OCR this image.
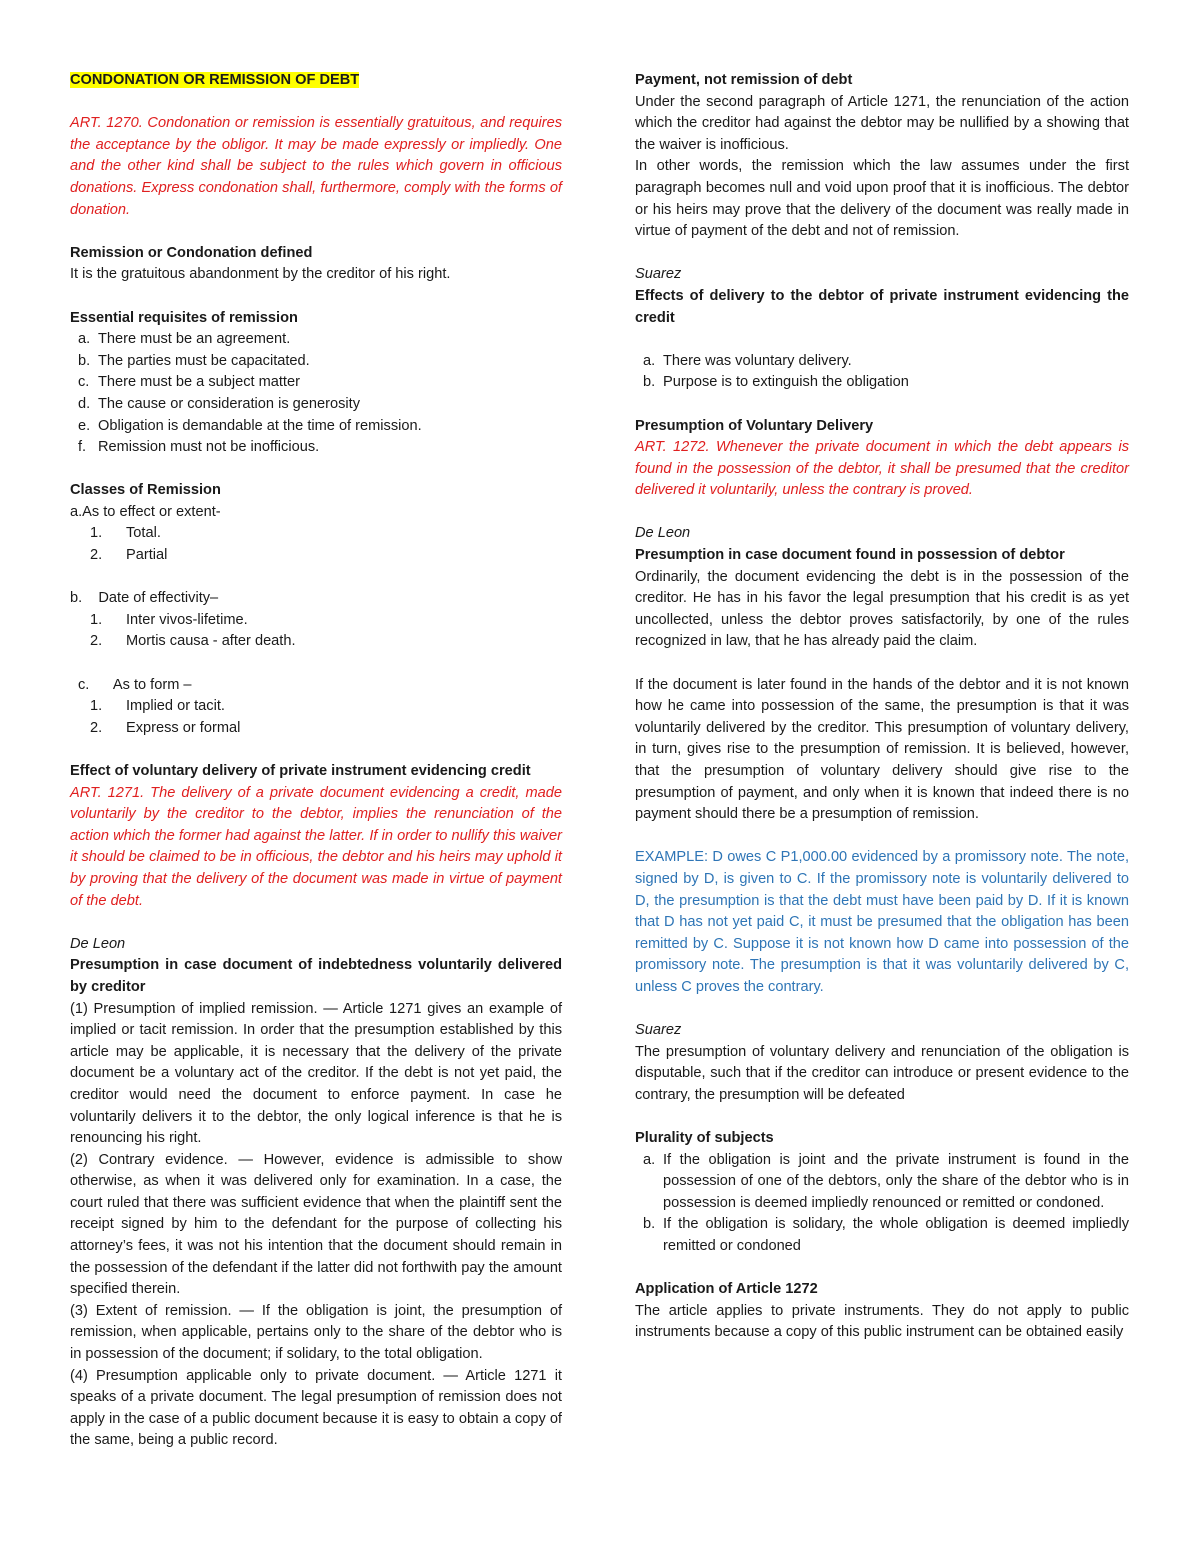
CONDONATION OR REMISSION OF DEBT

ART. 1270. Condonation or remission is essentially gratuitous, and requires the acceptance by the obligor. It may be made expressly or impliedly. One and the other kind shall be subject to the rules which govern in officious donations. Express condonation shall, furthermore, comply with the forms of donation.

Remission or Condonation defined

It is the gratuitous abandonment by the creditor of his right.

Essential requisites of remission

a. There must be an agreement.
b. The parties must be capacitated.
c. There must be a subject matter
d. The cause or consideration is generosity
e. Obligation is demandable at the time of remission.
f. Remission must not be inofficious.

Classes of Remission

a.As to effect or extent-

1. Total.
2. Partial

b.    Date of effectivity–

1. Inter vivos-lifetime.
2. Mortis causa - after death.

c.      As to form –

1. Implied or tacit.
2. Express or formal

Effect of voluntary delivery of private instrument evidencing credit

ART. 1271. The delivery of a private document evidencing a credit, made voluntarily by the creditor to the debtor, implies the renunciation of the action which the former had against the latter. If in order to nullify this waiver it should be claimed to be in officious, the debtor and his heirs may uphold it by proving that the delivery of the document was made in virtue of payment of the debt.

De Leon

Presumption in case document of indebtedness voluntarily delivered by creditor

(1) Presumption of implied remission. — Article 1271 gives an example of implied or tacit remission. In order that the presumption established by this article may be applicable, it is necessary that the delivery of the private document be a voluntary act of the creditor. If the debt is not yet paid, the creditor would need the document to enforce payment. In case he voluntarily delivers it to the debtor, the only logical inference is that he is renouncing his right.

(2) Contrary evidence. — However, evidence is admissible to show otherwise, as when it was delivered only for examination. In a case, the court ruled that there was sufficient evidence that when the plaintiff sent the receipt signed by him to the defendant for the purpose of collecting his attorney’s fees, it was not his intention that the document should remain in the possession of the defendant if the latter did not forthwith pay the amount specified therein.

(3) Extent of remission. — If the obligation is joint, the presumption of remission, when applicable, pertains only to the share of the debtor who is in possession of the document; if solidary, to the total obligation.

(4) Presumption applicable only to private document. — Article 1271 it speaks of a private document. The legal presumption of remission does not apply in the case of a public document because it is easy to obtain a copy of the same, being a public record.

Payment, not remission of debt

Under the second paragraph of Article 1271, the renunciation of the action which the creditor had against the debtor may be nullified by a showing that the waiver is inofficious.

In other words, the remission which the law assumes under the first paragraph becomes null and void upon proof that it is inofficious. The debtor or his heirs may prove that the delivery of the document was really made in virtue of payment of the debt and not of remission.

Suarez

Effects of delivery to the debtor of private instrument evidencing the credit

a. There was voluntary delivery.
b. Purpose is to extinguish the obligation

Presumption of Voluntary Delivery

ART. 1272. Whenever the private document in which the debt appears is found in the possession of the debtor, it shall be presumed that the creditor delivered it voluntarily, unless the contrary is proved.

De Leon

Presumption in case document found in possession of debtor

Ordinarily, the document evidencing the debt is in the possession of the creditor. He has in his favor the legal presumption that his credit is as yet uncollected, unless the debtor proves satisfactorily, by one of the rules recognized in law, that he has already paid the claim.

If the document is later found in the hands of the debtor and it is not known how he came into possession of the same, the presumption is that it was voluntarily delivered by the creditor. This presumption of voluntary delivery, in turn, gives rise to the presumption of remission. It is believed, however, that the presumption of voluntary delivery should give rise to the presumption of payment, and only when it is known that indeed there is no payment should there be a presumption of remission.

EXAMPLE: D owes C P1,000.00 evidenced by a promissory note. The note, signed by D, is given to C. If the promissory note is voluntarily delivered to D, the presumption is that the debt must have been paid by D. If it is known that D has not yet paid C, it must be presumed that the obligation has been remitted by C. Suppose it is not known how D came into possession of the promissory note. The presumption is that it was voluntarily delivered by C, unless C proves the contrary.

Suarez

The presumption of voluntary delivery and renunciation of the obligation is disputable, such that if the creditor can introduce or present evidence to the contrary, the presumption will be defeated

Plurality of subjects

a. If the obligation is joint and the private instrument is found in the possession of one of the debtors, only the share of the debtor who is in possession is deemed impliedly renounced or remitted or condoned.
b. If the obligation is solidary, the whole obligation is deemed impliedly remitted or condoned

Application of Article 1272

The article applies to private instruments. They do not apply to public instruments because a copy of this public instrument can be obtained easily
